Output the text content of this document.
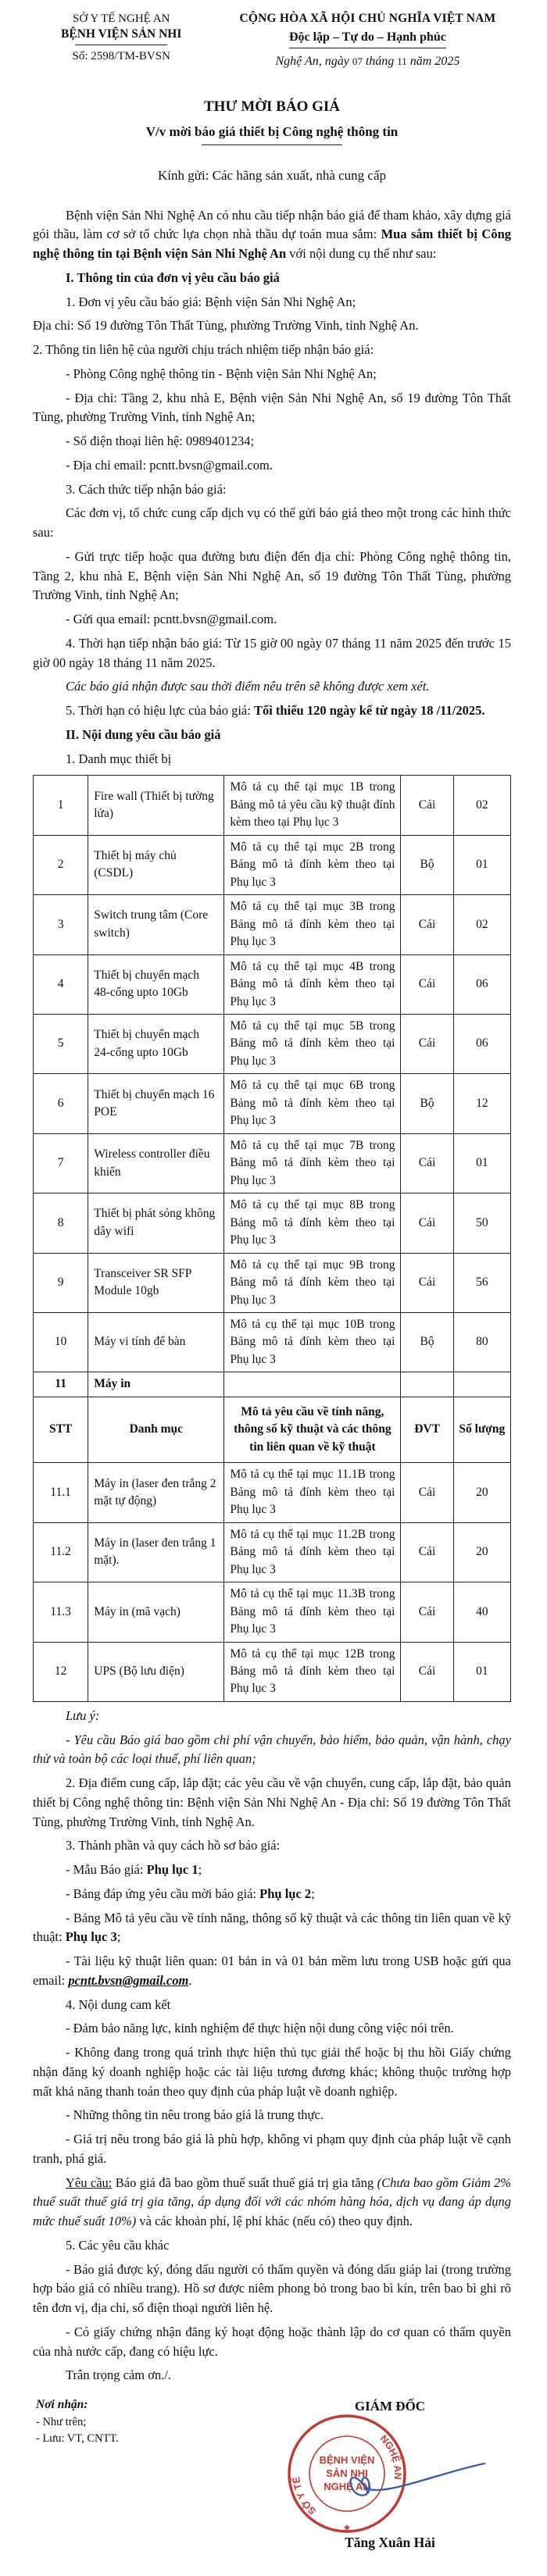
SỞ Y TẾ NGHỆ AN
BỆNH VIỆN SẢN NHI
Số: 2598/TM-BVSN
CỘNG HÒA XÃ HỘI CHỦ NGHĨA VIỆT NAM
Độc lập – Tự do – Hạnh phúc
Nghệ An, ngày 07 tháng 11 năm 2025
THƯ MỜI BÁO GIÁ
V/v mời báo giá thiết bị Công nghệ thông tin
Kính gửi: Các hãng sản xuất, nhà cung cấp

Bệnh viện Sản Nhi Nghệ An có nhu cầu tiếp nhận báo giá để tham khảo, xây dựng giá gói thầu, làm cơ sở tổ chức lựa chọn nhà thầu dự toán mua sắm: Mua sắm thiết bị Công nghệ thông tin tại Bệnh viện Sản Nhi Nghệ An với nội dung cụ thể như sau:

I. Thông tin của đơn vị yêu cầu báo giá

1. Đơn vị yêu cầu báo giá: Bệnh viện Sản Nhi Nghệ An;

Địa chỉ: Số 19 đường Tôn Thất Tùng, phường Trường Vinh, tỉnh Nghệ An.

2. Thông tin liên hệ của người chịu trách nhiệm tiếp nhận báo giá:

- Phòng Công nghệ thông tin - Bệnh viện Sản Nhi Nghệ An;

- Địa chỉ: Tầng 2, khu nhà E, Bệnh viện Sản Nhi Nghệ An, số 19 đường Tôn Thất Tùng, phường Trường Vinh, tỉnh Nghệ An;

- Số điện thoại liên hệ: 0989401234;

- Địa chỉ email: pcntt.bvsn@gmail.com.

3. Cách thức tiếp nhận báo giá:

Các đơn vị, tổ chức cung cấp dịch vụ có thể gửi báo giá theo một trong các hình thức sau:

- Gửi trực tiếp hoặc qua đường bưu điện đến địa chỉ: Phòng Công nghệ thông tin, Tầng 2, khu nhà E, Bệnh viện Sản Nhi Nghệ An, số 19 đường Tôn Thất Tùng, phường Trường Vinh, tỉnh Nghệ An;

- Gửi qua email: pcntt.bvsn@gmail.com.

4. Thời hạn tiếp nhận báo giá: Từ 15 giờ 00 ngày 07 tháng 11 năm 2025 đến trước 15 giờ 00 ngày 18 tháng 11 năm 2025.

Các báo giá nhận được sau thời điểm nêu trên sẽ không được xem xét.

5. Thời hạn có hiệu lực của báo giá: Tối thiểu 120 ngày kể từ ngày 18 /11/2025.

II. Nội dung yêu cầu báo giá

1. Danh mục thiết bị

1	Fire wall (Thiết bị tường lửa)	Mô tả cụ thể tại mục 1B trong Bảng mô tả yêu cầu kỹ thuật đính kèm theo tại Phụ lục 3	Cái	02
2	Thiết bị máy chủ (CSDL)	Mô tả cụ thể tại mục 2B trong Bảng mô tả đính kèm theo tại Phụ lục 3	Bộ	01
3	Switch trung tâm (Core switch)	Mô tả cụ thể tại mục 3B trong Bảng mô tả đính kèm theo tại Phụ lục 3	Cái	02
4	Thiết bị chuyển mạch 48-cổng upto 10Gb	Mô tả cụ thể tại mục 4B trong Bảng mô tả đính kèm theo tại Phụ lục 3	Cái	06
5	Thiết bị chuyển mạch 24-cổng upto 10Gb	Mô tả cụ thể tại mục 5B trong Bảng mô tả đính kèm theo tại Phụ lục 3	Cái	06
6	Thiết bị chuyển mạch 16 POE	Mô tả cụ thể tại mục 6B trong Bảng mô tả đính kèm theo tại Phụ lục 3	Bộ	12
7	Wireless controller điều khiển	Mô tả cụ thể tại mục 7B trong Bảng mô tả đính kèm theo tại Phụ lục 3	Cái	01
8	Thiết bị phát sóng không dây wifi	Mô tả cụ thể tại mục 8B trong Bảng mô tả đính kèm theo tại Phụ lục 3	Cái	50
9	Transceiver SR SFP Module 10gb	Mô tả cụ thể tại mục 9B trong Bảng mô tả đính kèm theo tại Phụ lục 3	Cái	56
10	Máy vi tính để bàn	Mô tả cụ thể tại mục 10B trong Bảng mô tả đính kèm theo tại Phụ lục 3	Bộ	80
11	Máy in			
STT	Danh mục	Mô tả yêu cầu về tính năng, thông số kỹ thuật và các thông tin liên quan về kỹ thuật	ĐVT	Số lượng
11.1	Máy in (laser đen trắng 2 mặt tự động)	Mô tả cụ thể tại mục 11.1B trong Bảng mô tả đính kèm theo tại Phụ lục 3	Cái	20
11.2	Máy in (laser đen trắng 1 mặt).	Mô tả cụ thể tại mục 11.2B trong Bảng mô tả đính kèm theo tại Phụ lục 3	Cái	20
11.3	Máy in (mã vạch)	Mô tả cụ thể tại mục 11.3B trong Bảng mô tả đính kèm theo tại Phụ lục 3	Cái	40
12	UPS (Bộ lưu điện)	Mô tả cụ thể tại mục 12B trong Bảng mô tả đính kèm theo tại Phụ lục 3	Cái	01

Lưu ý:

- Yêu cầu Báo giá bao gồm chi phí vận chuyển, bảo hiểm, bảo quản, vận hành, chạy thử và toàn bộ các loại thuế, phí liên quan;

2. Địa điểm cung cấp, lắp đặt; các yêu cầu về vận chuyển, cung cấp, lắp đặt, bảo quản thiết bị Công nghệ thông tin: Bệnh viện Sản Nhi Nghệ An - Địa chỉ: Số 19 đường Tôn Thất Tùng, phường Trường Vinh, tỉnh Nghệ An.

3. Thành phần và quy cách hồ sơ báo giá:

- Mẫu Báo giá: Phụ lục 1;

- Bảng đáp ứng yêu cầu mời báo giá: Phụ lục 2;

- Bảng Mô tả yêu cầu về tính năng, thông số kỹ thuật và các thông tin liên quan về kỹ thuật: Phụ lục 3;

- Tài liệu kỹ thuật liên quan: 01 bản in và 01 bản mềm lưu trong USB hoặc gửi qua email: pcntt.bvsn@gmail.com.

4. Nội dung cam kết

- Đảm bảo năng lực, kinh nghiệm để thực hiện nội dung công việc nói trên.

- Không đang trong quá trình thực hiện thủ tục giải thể hoặc bị thu hồi Giấy chứng nhận đăng ký doanh nghiệp hoặc các tài liệu tương đương khác; không thuộc trường hợp mất khả năng thanh toán theo quy định của pháp luật về doanh nghiệp.

- Những thông tin nêu trong báo giá là trung thực.

- Giá trị nêu trong báo giá là phù hợp, không vi phạm quy định của pháp luật về cạnh tranh, phá giá.

Yêu cầu: Báo giá đã bao gồm thuế suất thuế giá trị gia tăng (Chưa bao gồm Giảm 2% thuế suất thuế giá trị gia tăng, áp dụng đối với các nhóm hàng hóa, dịch vụ đang áp dụng mức thuế suất 10%) và các khoản phí, lệ phí khác (nếu có) theo quy định.

5. Các yêu cầu khác

- Báo giá được ký, đóng dấu người có thẩm quyền và đóng dấu giáp lai (trong trường hợp báo giá có nhiều trang). Hồ sơ được niêm phong bỏ trong bao bì kín, trên bao bì ghi rõ tên đơn vị, địa chỉ, số điện thoại người liên hệ.

- Có giấy chứng nhận đăng ký hoạt động hoặc thành lập do cơ quan có thẩm quyền của nhà nước cấp, đang có hiệu lực.

Trân trọng cảm ơn./.

Nơi nhận:
- Như trên;
- Lưu: VT, CNTT.
GIÁM ĐỐC
SỞ Y TẾ
NGHỆ AN
★
BỆNH VIỆN
SẢN NHI
NGHỆ AN
Tăng Xuân Hải
